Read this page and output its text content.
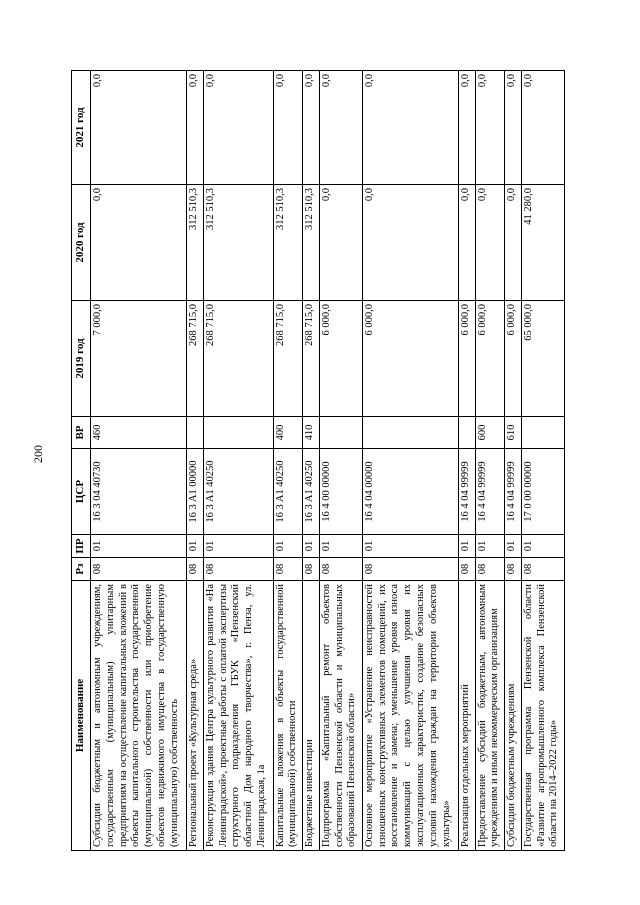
200
Наименование	Рз	ПР	ЦСР	ВР	2019 год	2020 год	2021 год
Субсидии бюджетным и автономным учреждениям, государственным (муниципальным) унитарным предприятиям на осуществление капитальных вложений в объекты капитального строительства государственной (муниципальной) собственности или приобретение объектов недвижимого имущества в государственную (муниципальную) собственность	08	01	16 3 04 40730	460	7 000,0	0,0	0,0
Региональный проект «Культурная среда»	08	01	16 3 A1 00000		268 715,0	312 510,3	0,0
Реконструкция здания Центра культурного развития «На Ленинградской», проектные работы с оплатой экспертизы структурного подразделения ГБУК «Пензенский областной Дом народного творчества», г. Пенза, ул. Ленинградская, 1а	08	01	16 3 A1 40250		268 715,0	312 510,3	0,0
Капитальные вложения в объекты государственной (муниципальной) собственности	08	01	16 3 A1 40250	400	268 715,0	312 510,3	0,0
Бюджетные инвестиции	08	01	16 3 A1 40250	410	268 715,0	312 510,3	0,0
Подпрограмма «Капитальный ремонт объектов собственности Пензенской области и муниципальных образований Пензенской области»	08	01	16 4 00 00000		6 000,0	0,0	0,0
Основное мероприятие «Устранение неисправностей изношенных конструктивных элементов помещений, их восстановление и замена; уменьшение уровня износа коммуникаций с целью улучшения уровня их эксплуатационных характеристик, создание безопасных условий нахождения граждан на территории объектов культуры»	08	01	16 4 04 00000		6 000,0	0,0	0,0
Реализация отдельных мероприятий	08	01	16 4 04 99999		6 000,0	0,0	0,0
Предоставление субсидий бюджетным, автономным учреждениям и иным некоммерческим организациям	08	01	16 4 04 99999	600	6 000,0	0,0	0,0
Субсидии бюджетным учреждениям	08	01	16 4 04 99999	610	6 000,0	0,0	0,0
Государственная программа Пензенской области «Развитие агропромышленного комплекса Пензенской области на 2014–2022 годы»	08	01	17 0 00 00000		65 000,0	41 280,0	0,0
